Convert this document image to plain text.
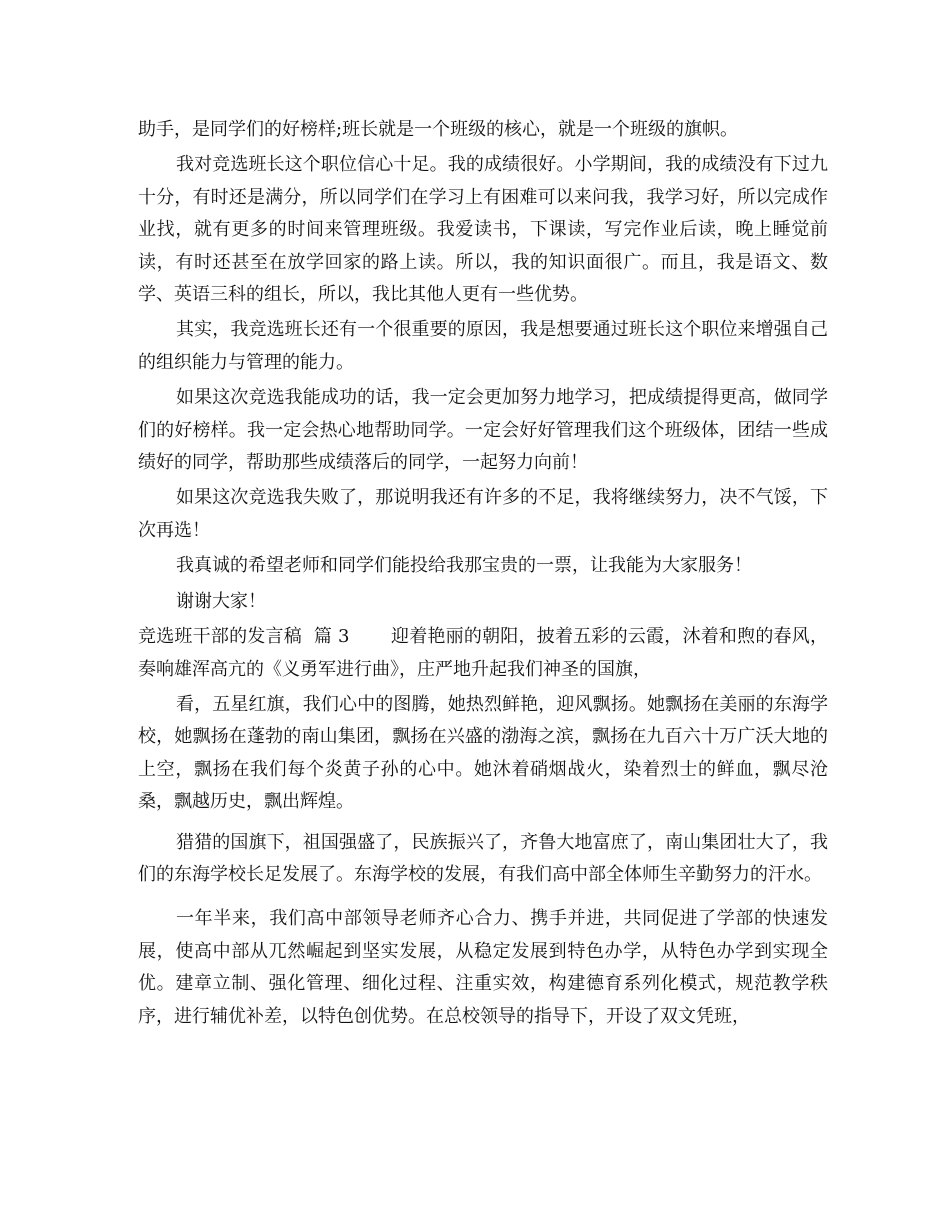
助手，是同学们的好榜样;班长就是一个班级的核心，就是一个班级的旗帜。

我对竞选班长这个职位信心十足。我的成绩很好。小学期间，我的成绩没有下过九十分，有时还是满分，所以同学们在学习上有困难可以来问我，我学习好，所以完成作业找，就有更多的时间来管理班级。我爱读书，下课读，写完作业后读，晚上睡觉前读，有时还甚至在放学回家的路上读。所以，我的知识面很广。而且，我是语文、数学、英语三科的组长，所以，我比其他人更有一些优势。

其实，我竞选班长还有一个很重要的原因，我是想要通过班长这个职位来增强自己的组织能力与管理的能力。

如果这次竞选我能成功的话，我一定会更加努力地学习，把成绩提得更高，做同学们的好榜样。我一定会热心地帮助同学。一定会好好管理我们这个班级体，团结一些成绩好的同学，帮助那些成绩落后的同学，一起努力向前！

如果这次竞选我失败了，那说明我还有许多的不足，我将继续努力，决不气馁，下次再选！

我真诚的希望老师和同学们能投给我那宝贵的一票，让我能为大家服务！

谢谢大家！

竞选班干部的发言稿  篇 3       迎着艳丽的朝阳，披着五彩的云霞，沐着和煦的春风，奏响雄浑高亢的《义勇军进行曲》，庄严地升起我们神圣的国旗，

看，五星红旗，我们心中的图腾，她热烈鲜艳，迎风飘扬。她飘扬在美丽的东海学校，她飘扬在蓬勃的南山集团，飘扬在兴盛的渤海之滨，飘扬在九百六十万广沃大地的上空，飘扬在我们每个炎黄子孙的心中。她沐着硝烟战火，染着烈士的鲜血，飘尽沧桑，飘越历史，飘出辉煌。

猎猎的国旗下，祖国强盛了，民族振兴了，齐鲁大地富庶了，南山集团壮大了，我们的东海学校长足发展了。东海学校的发展，有我们高中部全体师生辛勤努力的汗水。

一年半来，我们高中部领导老师齐心合力、携手并进，共同促进了学部的快速发展，使高中部从兀然崛起到坚实发展，从稳定发展到特色办学，从特色办学到实现全优。建章立制、强化管理、细化过程、注重实效，构建德育系列化模式，规范教学秩序，进行辅优补差，以特色创优势。在总校领导的指导下，开设了双文凭班，
